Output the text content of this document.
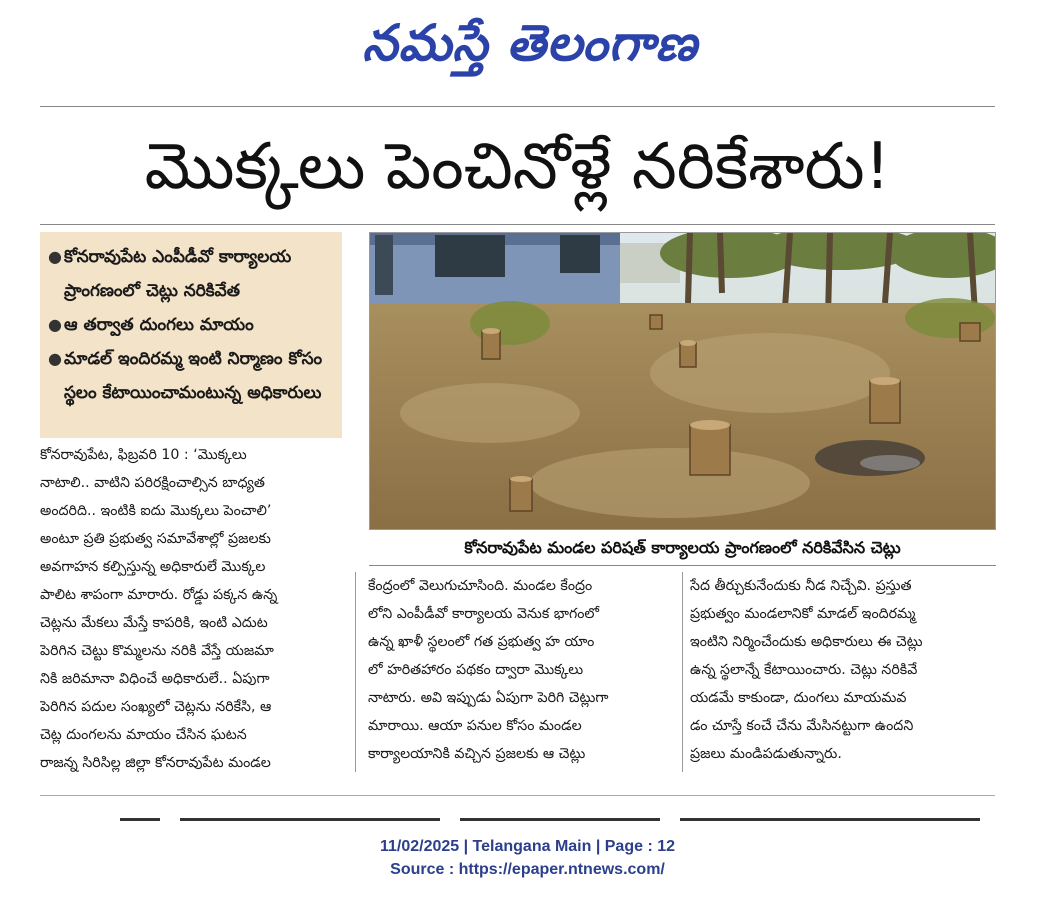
నమస్తే తెలంగాణ
మొక్కలు పెంచినోళ్లే నరికేశారు!
● కోనరావుపేట ఎంపీడీవో కార్యాలయ ప్రాంగణంలో చెట్లు నరికివేత
● ఆ తర్వాత దుంగలు మాయం
● మాడల్ ఇందిరమ్మ ఇంటి నిర్మాణం కోసం స్థలం కేటాయించామంటున్న అధికారులు
కోనరావుపేట మండల పరిషత్ కార్యాలయ ప్రాంగణంలో నరికివేసిన చెట్లు

కోనరావుపేట, ఫిబ్రవరి 10 : ‘మొక్కలు

నాటాలి.. వాటిని పరిరక్షించాల్సిన బాధ్యత

అందరిది.. ఇంటికి ఐదు మొక్కలు పెంచాలి’

అంటూ ప్రతి ప్రభుత్వ సమావేశాల్లో ప్రజలకు

అవగాహన కల్పిస్తున్న అధికారులే మొక్కల

పాలిట శాపంగా మారారు. రోడ్డు పక్కన ఉన్న

చెట్లను మేకలు మేస్తే కాపరికి, ఇంటి ఎదుట

పెరిగిన చెట్టు కొమ్మలను నరికి వేస్తే యజమా

నికి జరిమానా విధించే అధికారులే.. ఏపుగా

పెరిగిన పదుల సంఖ్యలో చెట్లను నరికేసి, ఆ

చెట్ల దుంగలను మాయం చేసిన ఘటన

రాజన్న సిరిసిల్ల జిల్లా కోనరావుపేట మండల

కేంద్రంలో వెలుగుచూసింది. మండల కేంద్రం

లోని ఎంపీడీవో కార్యాలయ వెనుక భాగంలో

ఉన్న ఖాళీ స్థలంలో గత ప్రభుత్వ హ యాం

లో హరితహారం పథకం ద్వారా మొక్కలు

నాటారు. అవి ఇప్పుడు ఏపుగా పెరిగి చెట్లుగా

మారాయి. ఆయా పనుల కోసం మండల

కార్యాలయానికి వచ్చిన ప్రజలకు ఆ చెట్లు

సేద తీర్చుకునేందుకు నీడ నిచ్చేవి. ప్రస్తుత

ప్రభుత్వం మండలానికో మాడల్ ఇందిరమ్మ

ఇంటిని నిర్మించేందుకు అధికారులు ఈ చెట్లు

ఉన్న స్థలాన్నే కేటాయించారు. చెట్లు నరికివే

యడమే కాకుండా, దుంగలు మాయమవ

డం చూస్తే కంచే చేను మేసినట్టుగా ఉందని

ప్రజలు మండిపడుతున్నారు.

11/02/2025 | Telangana Main | Page : 12
Source : https://epaper.ntnews.com/
